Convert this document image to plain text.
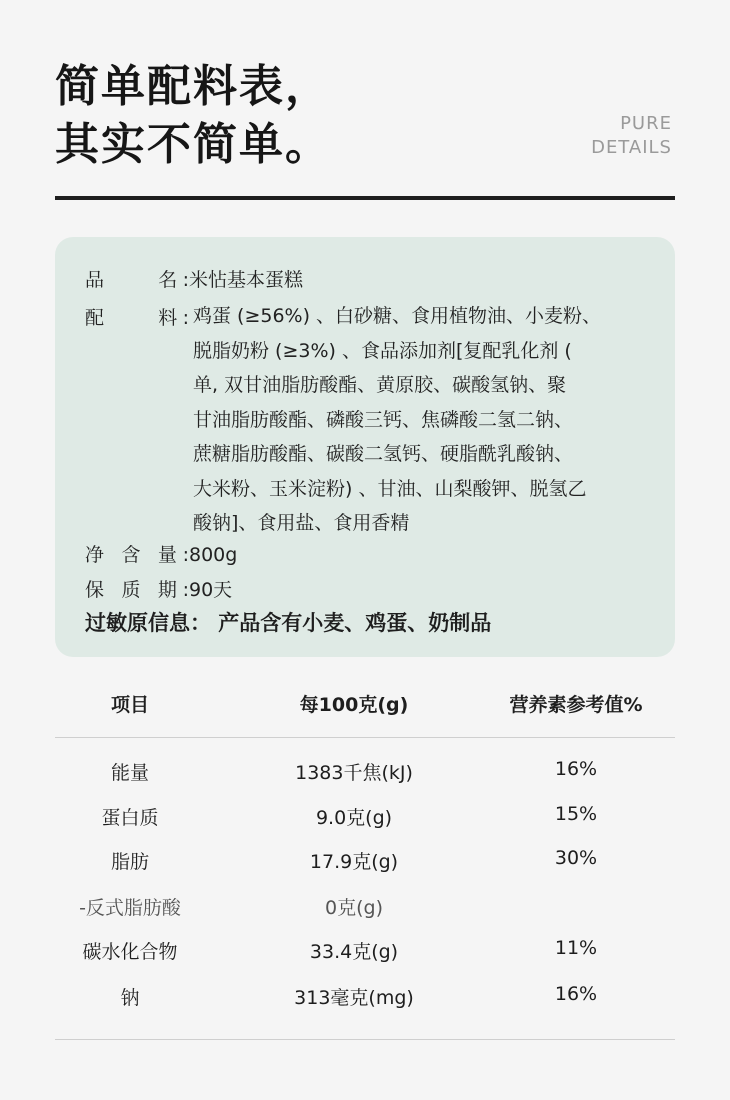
简单配料表，
其实不简单。	PURE
DETAILS
品　　名:米怗基本蛋糕
配　　料: 鸡蛋 (≥56%) 、白砂糖、食用植物油、小麦粉、
脱脂奶粉 (≥3%) 、食品添加剂[复配乳化剂 (
单, 双甘油脂肪酸酯、黄原胶、碳酸氢钠、聚
甘油脂肪酸酯、磷酸三钙、焦磷酸二氢二钠、
蔗糖脂肪酸酯、碳酸二氢钙、硬脂酰乳酸钠、
大米粉、玉米淀粉) 、甘油、山梨酸钾、脱氢乙
酸钠]、食用盐、食用香精
净 含 量:800g
保 质 期:90天
过敏原信息： 产品含有小麦、鸡蛋、奶制品
项目	每100克(g)	营养素参考值%
能量	1383千焦(kJ)	16%
蛋白质	9.0克(g)	15%
脂肪	17.9克(g)	30%
-反式脂肪酸	0克(g)
碳水化合物	33.4克(g)	11%
钠	313毫克(mg)	16%
